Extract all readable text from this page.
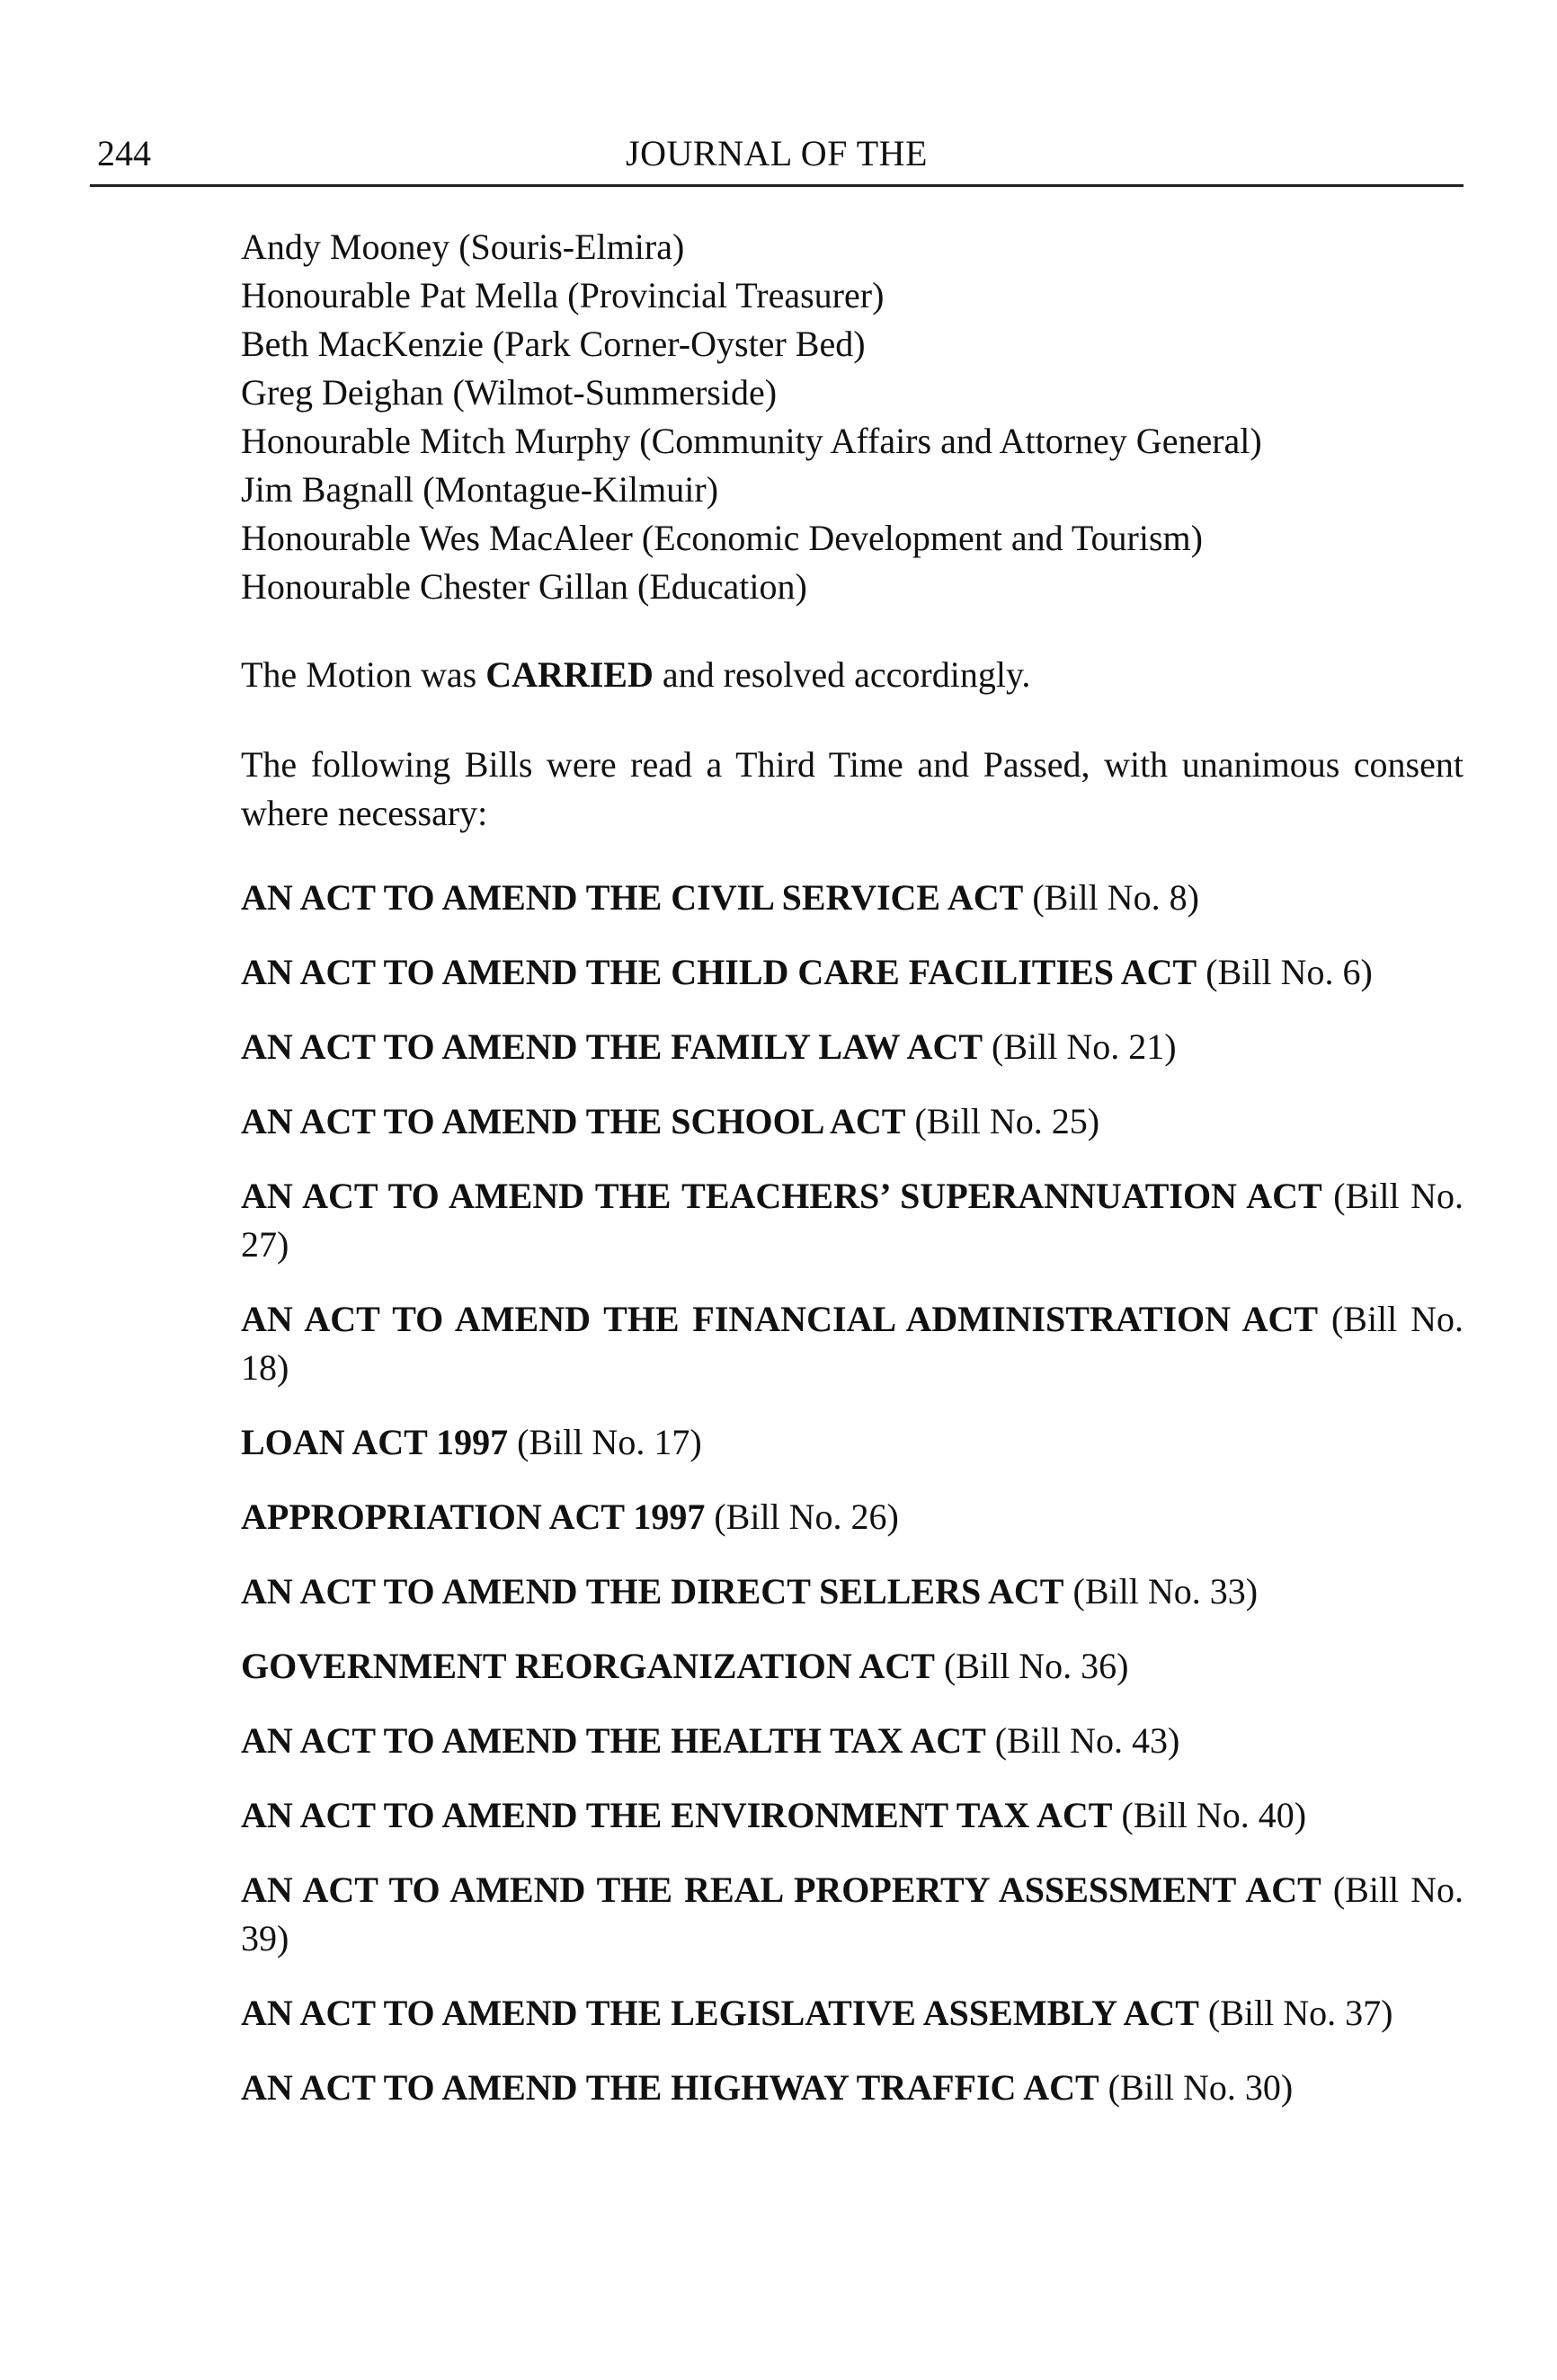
244	JOURNAL OF THE
Andy Mooney (Souris-Elmira)
Honourable Pat Mella (Provincial Treasurer)
Beth MacKenzie (Park Corner-Oyster Bed)
Greg Deighan (Wilmot-Summerside)
Honourable Mitch Murphy (Community Affairs and Attorney General)
Jim Bagnall (Montague-Kilmuir)
Honourable Wes MacAleer (Economic Development and Tourism)
Honourable Chester Gillan (Education)

The Motion was CARRIED and resolved accordingly.

The following Bills were read a Third Time and Passed, with unanimous consent where necessary:

AN ACT TO AMEND THE CIVIL SERVICE ACT (Bill No. 8)
AN ACT TO AMEND THE CHILD CARE FACILITIES ACT (Bill No. 6)
AN ACT TO AMEND THE FAMILY LAW ACT (Bill No. 21)
AN ACT TO AMEND THE SCHOOL ACT (Bill No. 25)
AN ACT TO AMEND THE TEACHERS’ SUPERANNUATION ACT (Bill No. 27)
AN ACT TO AMEND THE FINANCIAL ADMINISTRATION ACT (Bill No. 18)
LOAN ACT 1997 (Bill No. 17)
APPROPRIATION ACT 1997 (Bill No. 26)
AN ACT TO AMEND THE DIRECT SELLERS ACT (Bill No. 33)
GOVERNMENT REORGANIZATION ACT (Bill No. 36)
AN ACT TO AMEND THE HEALTH TAX ACT (Bill No. 43)
AN ACT TO AMEND THE ENVIRONMENT TAX ACT (Bill No. 40)
AN ACT TO AMEND THE REAL PROPERTY ASSESSMENT ACT (Bill No. 39)
AN ACT TO AMEND THE LEGISLATIVE ASSEMBLY ACT (Bill No. 37)
AN ACT TO AMEND THE HIGHWAY TRAFFIC ACT (Bill No. 30)
